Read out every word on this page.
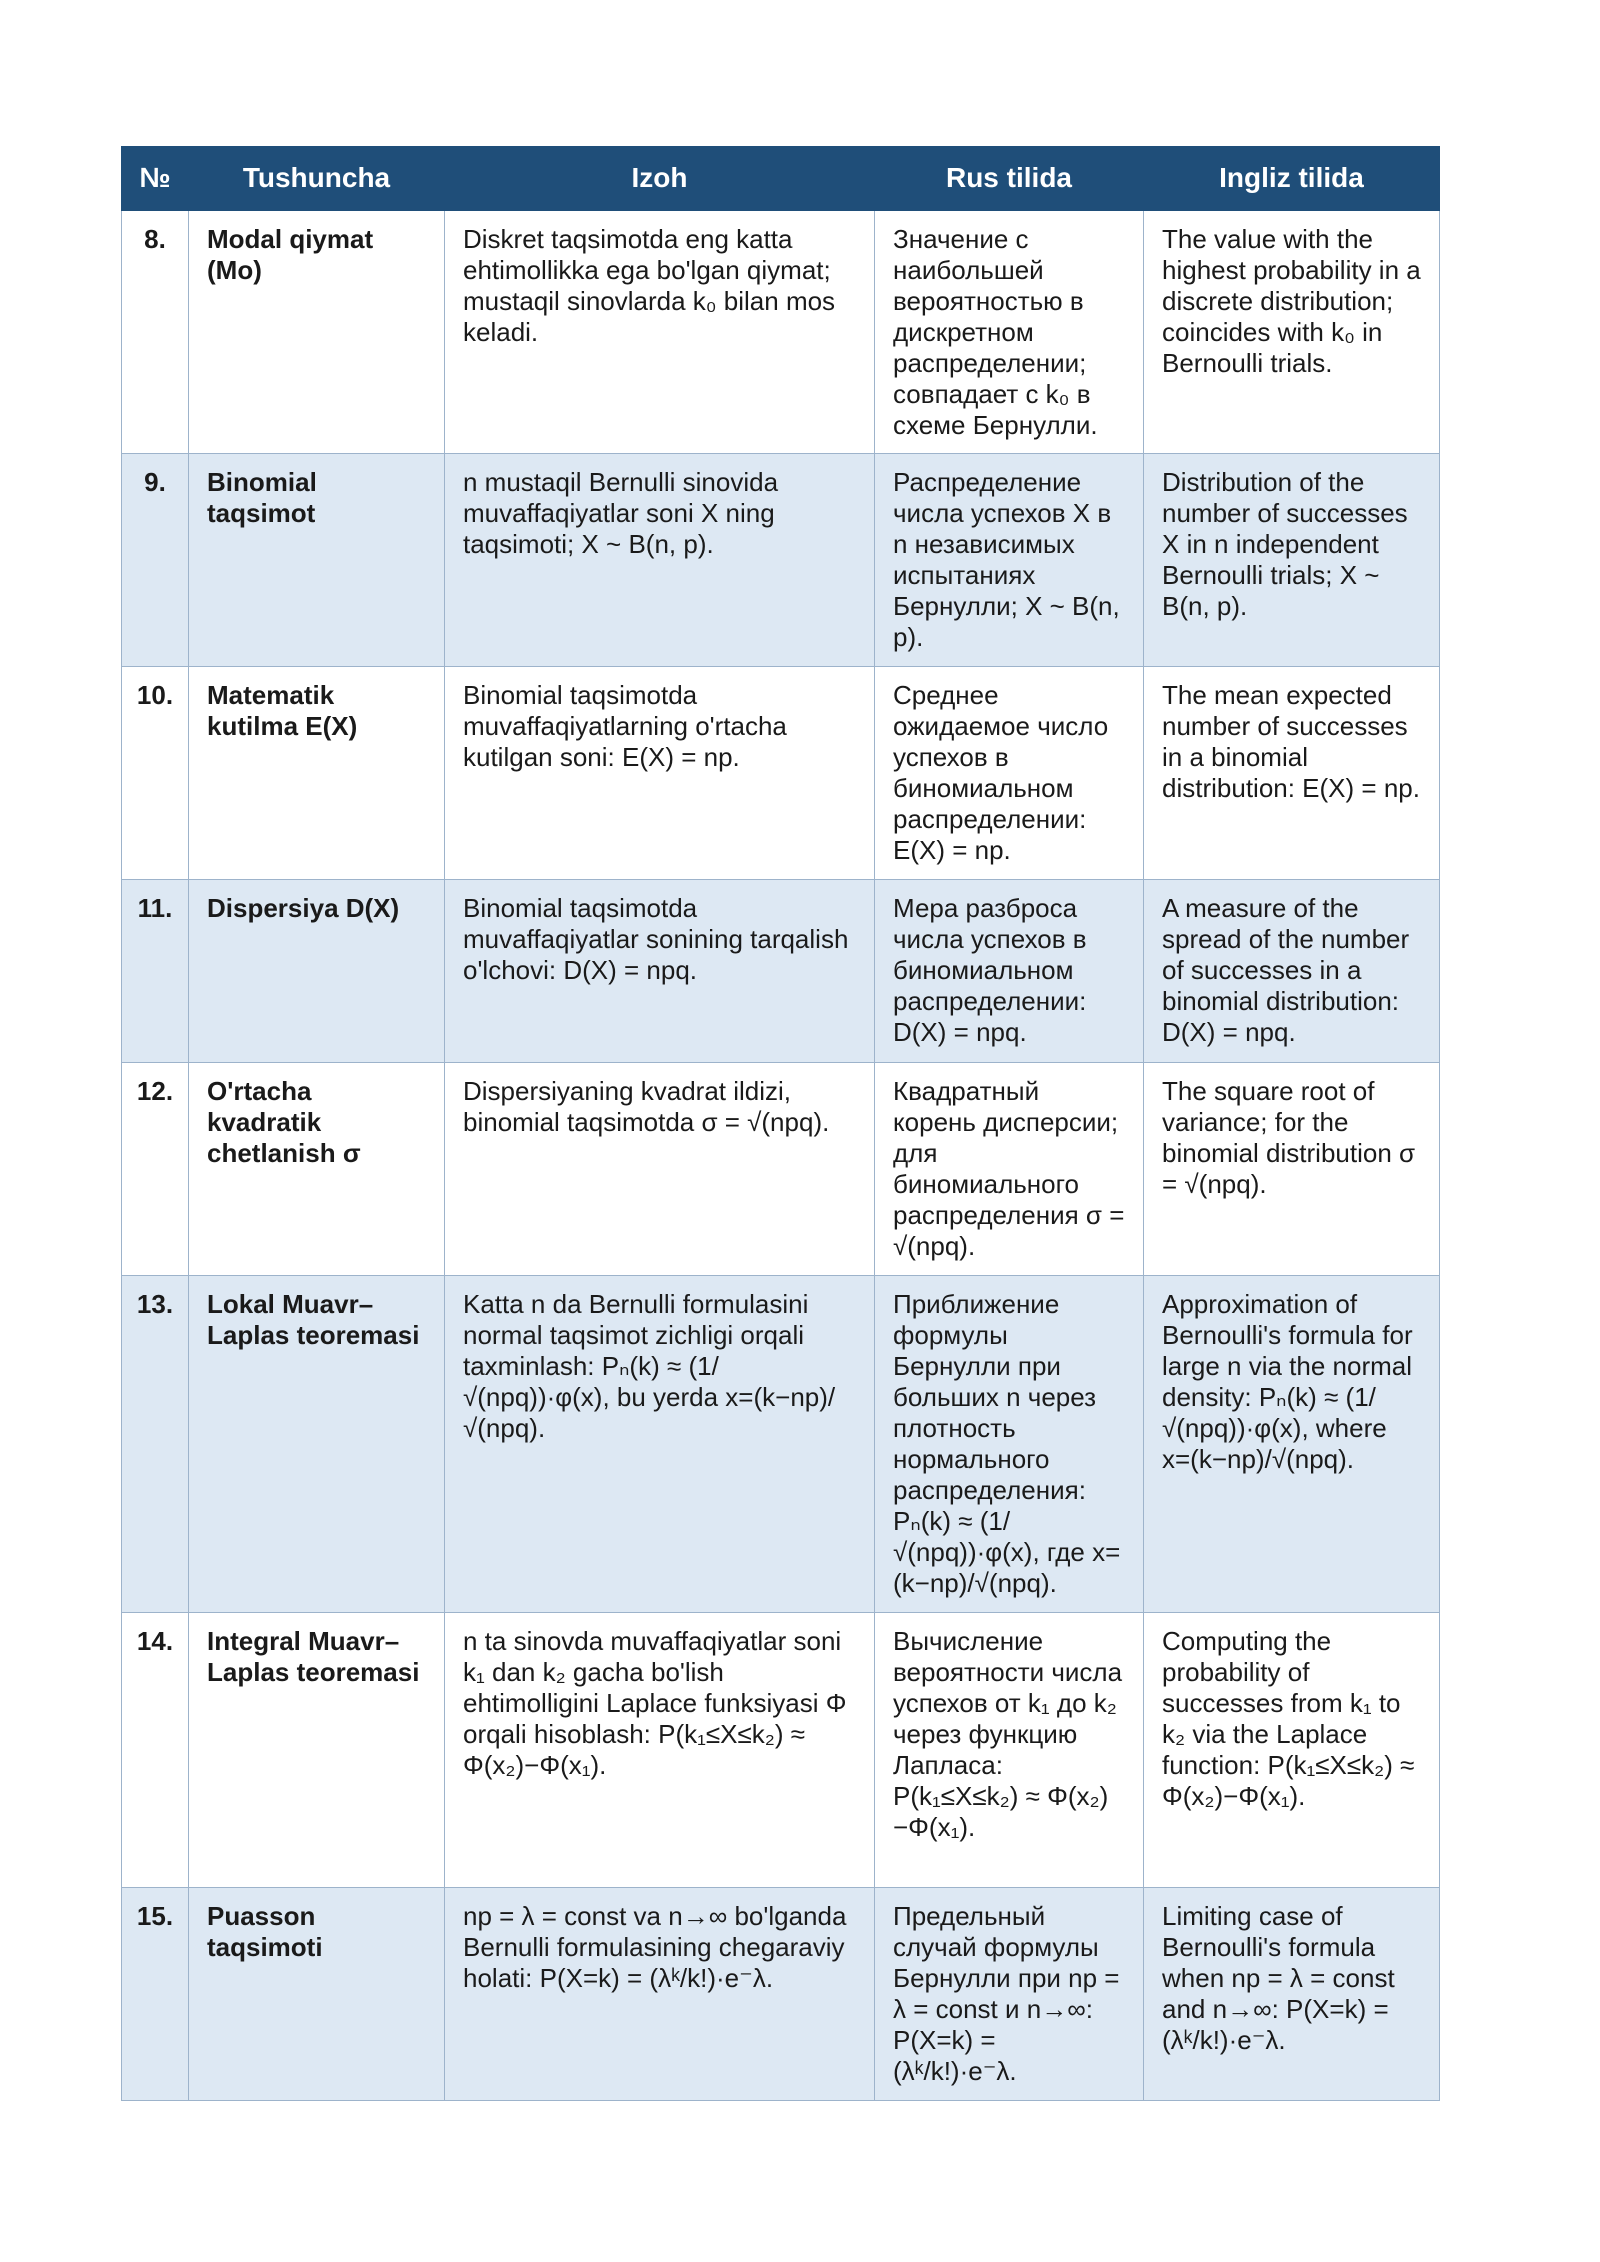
№	Tushuncha	Izoh	Rus tilida	Ingliz tilida
8.	Modal qiymat (Mo)	Diskret taqsimotda eng katta ehtimollikka ega bo'lgan qiymat; mustaqil sinovlarda k₀ bilan mos keladi.	Значение с наибольшей вероятностью в дискретном распределении; совпадает с k₀ в схеме Бернулли.	The value with the highest probability in a discrete distribution; coincides with k₀ in Bernoulli trials.
9.	Binomial taqsimot	n mustaqil Bernulli sinovida muvaffaqiyatlar soni X ning taqsimoti; X ~ B(n, p).	Распределение числа успехов X в n независимых испытаниях Бернулли; X ~ B(n, p).	Distribution of the number of successes X in n independent Bernoulli trials; X ~ B(n, p).
10.	Matematik kutilma E(X)	Binomial taqsimotda muvaffaqiyatlarning o'rtacha kutilgan soni: E(X) = np.	Среднее ожидаемое число успехов в биномиальном распределении: E(X) = np.	The mean expected number of successes in a binomial distribution: E(X) = np.
11.	Dispersiya D(X)	Binomial taqsimotda muvaffaqiyatlar sonining tarqalish o'lchovi: D(X) = npq.	Мера разброса числа успехов в биномиальном распределении: D(X) = npq.	A measure of the spread of the number of successes in a binomial distribution: D(X) = npq.
12.	O'rtacha kvadratik chetlanish σ	Dispersiyaning kvadrat ildizi, binomial taqsimotda σ = √(npq).	Квадратный корень дисперсии; для биномиального распределения σ = √(npq).	The square root of variance; for the binomial distribution σ = √(npq).
13.	Lokal Muavr–Laplas teoremasi	Katta n da Bernulli formulasini normal taqsimot zichligi orqali taxminlash: Pₙ(k) ≈ (1/√(npq))·φ(x), bu yerda x=(k−np)/√(npq).	Приближение формулы Бернулли при больших n через плотность нормального распределения: Pₙ(k) ≈ (1/√(npq))·φ(x), где x=(k−np)/√(npq).	Approximation of Bernoulli's formula for large n via the normal density: Pₙ(k) ≈ (1/√(npq))·φ(x), where x=(k−np)/√(npq).
14.	Integral Muavr–Laplas teoremasi	n ta sinovda muvaffaqiyatlar soni k₁ dan k₂ gacha bo'lish ehtimolligini Laplace funksiyasi Φ orqali hisoblash: P(k₁≤X≤k₂) ≈ Φ(x₂)−Φ(x₁).	Вычисление вероятности числа успехов от k₁ до k₂ через функцию Лапласа: P(k₁≤X≤k₂) ≈ Φ(x₂) −Φ(x₁).	Computing the probability of successes from k₁ to k₂ via the Laplace function: P(k₁≤X≤k₂) ≈ Φ(x₂)−Φ(x₁).
15.	Puasson taqsimoti	np = λ = const va n→∞ bo'lganda Bernulli formulasining chegaraviy holati: P(X=k) = (λᵏ/k!)·e⁻λ.	Предельный случай формулы Бернулли при np = λ = const и n→∞: P(X=k) = (λᵏ/k!)·e⁻λ.	Limiting case of Bernoulli's formula when np = λ = const and n→∞: P(X=k) = (λᵏ/k!)·e⁻λ.
